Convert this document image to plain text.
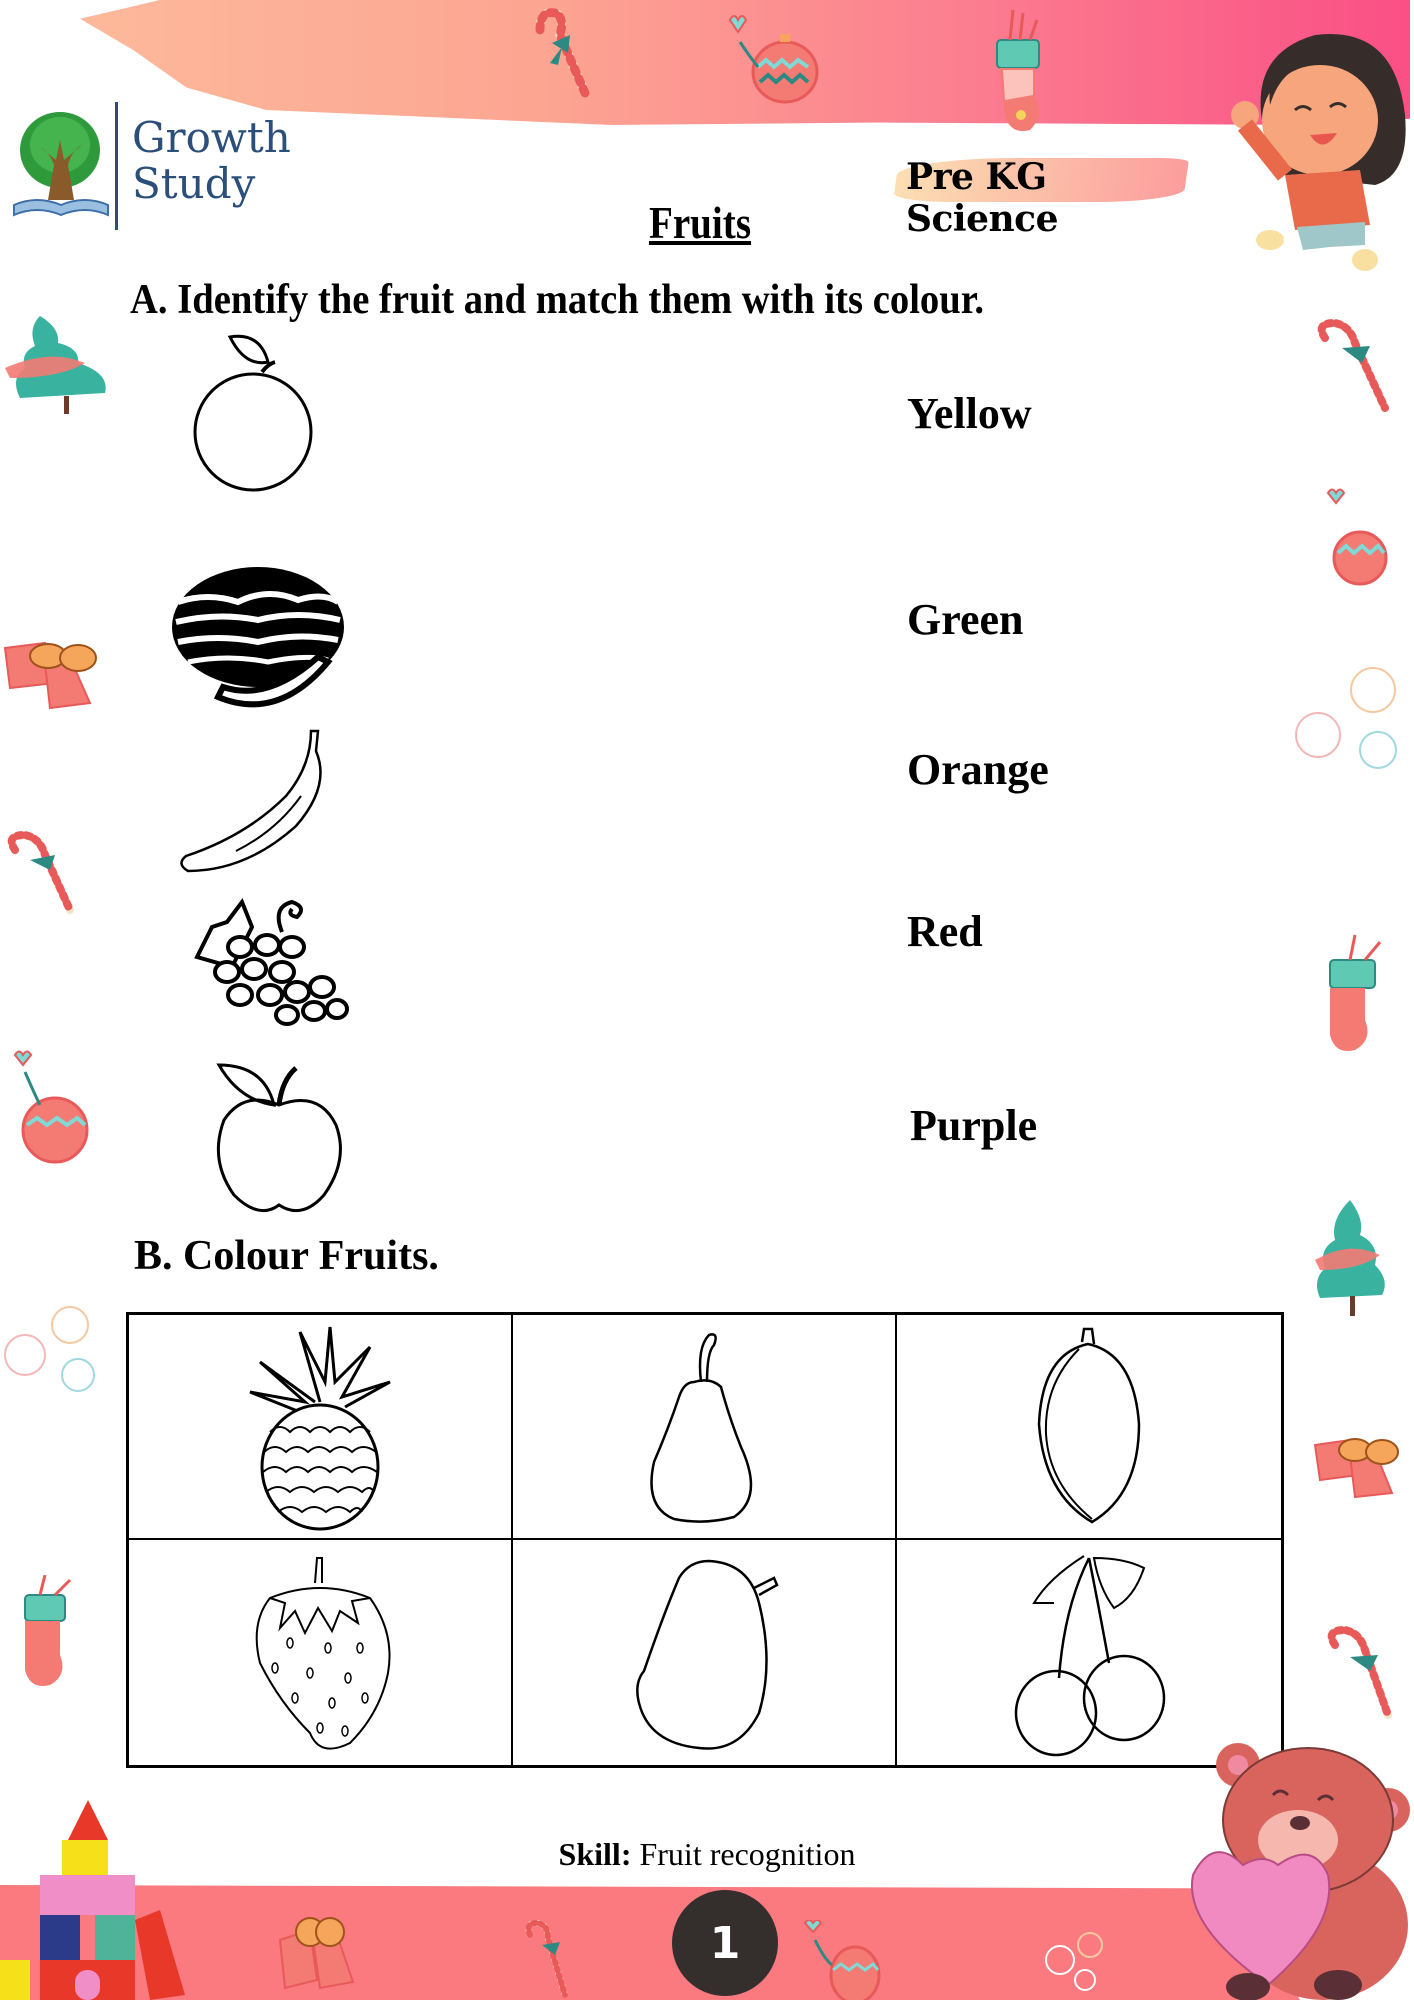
Growth
Study	Pre KG Science
Fruits
A. Identify the fruit and match them with its colour.
Yellow
Green
Orange
Red
Purple
B. Colour Fruits.
Skill: Fruit recognition
1
